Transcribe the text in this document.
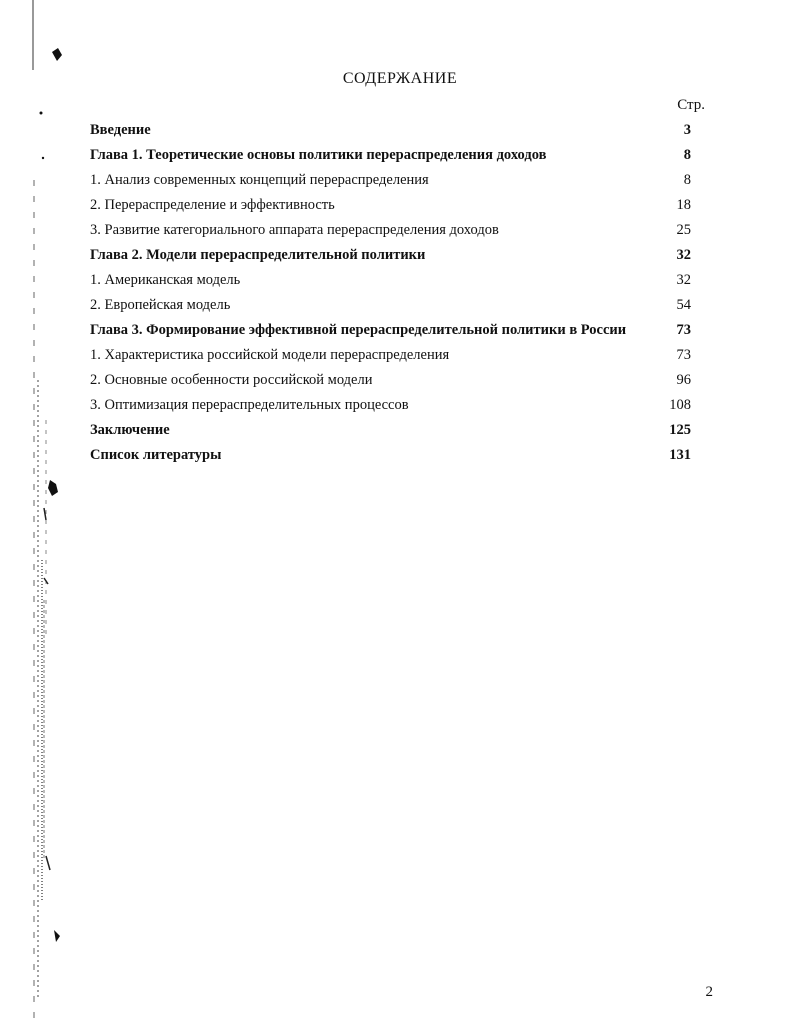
СОДЕРЖАНИЕ
Стр.
Введение	3
Глава 1. Теоретические основы политики перераспределения доходов	8
1. Анализ современных концепций перераспределения	8
2. Перераспределение и эффективность	18
3. Развитие категориального аппарата перераспределения доходов	25
Глава 2. Модели перераспределительной политики	32
1. Американская модель	32
2. Европейская модель	54
Глава 3. Формирование эффективной перераспределительной политики в России	73
1. Характеристика российской модели перераспределения	73
2. Основные особенности российской модели	96
3. Оптимизация перераспределительных процессов	108
Заключение	125
Список литературы	131
2
